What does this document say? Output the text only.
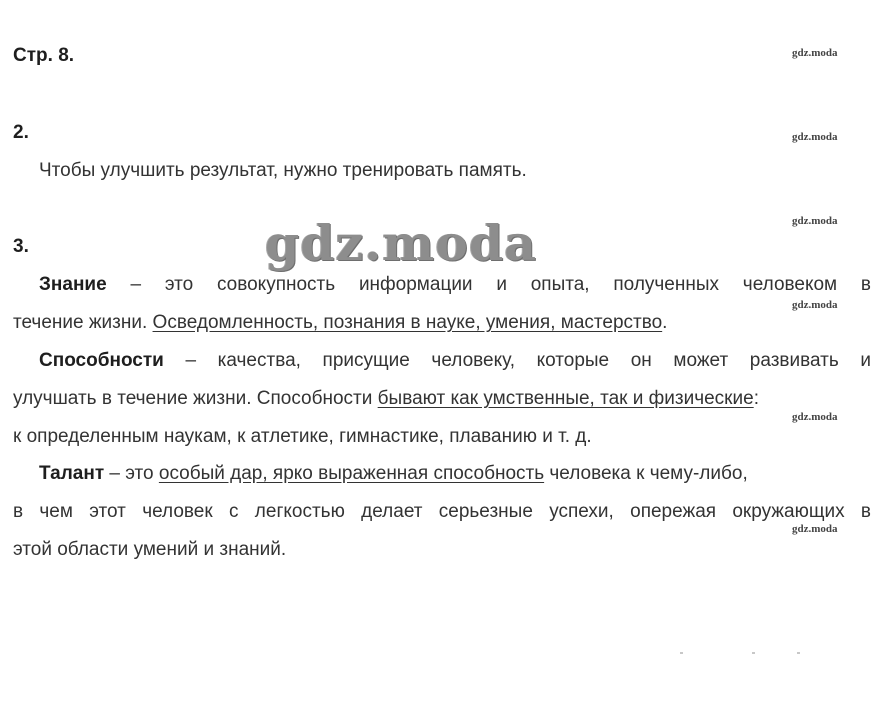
Стр. 8.	gdz.moda
gdz.moda
gdz.moda
gdz.moda
gdz.moda
gdz.moda
2.
Чтобы улучшить результат, нужно тренировать память.
3.	gdz.moda
Знание – это совокупность информации и опыта, полученных человеком в
течение жизни. Осведомленность, познания в науке, умения, мастерство.
Способности – качества, присущие человеку, которые он может развивать и
улучшать в течение жизни. Способности бывают как умственные, так и физические:
к определенным наукам, к атлетике, гимнастике, плаванию и т. д.
Талант – это особый дар, ярко выраженная способность человека к чему-либо,
в чем этот человек с легкостью делает серьезные успехи, опережая окружающих в
этой области умений и знаний.
